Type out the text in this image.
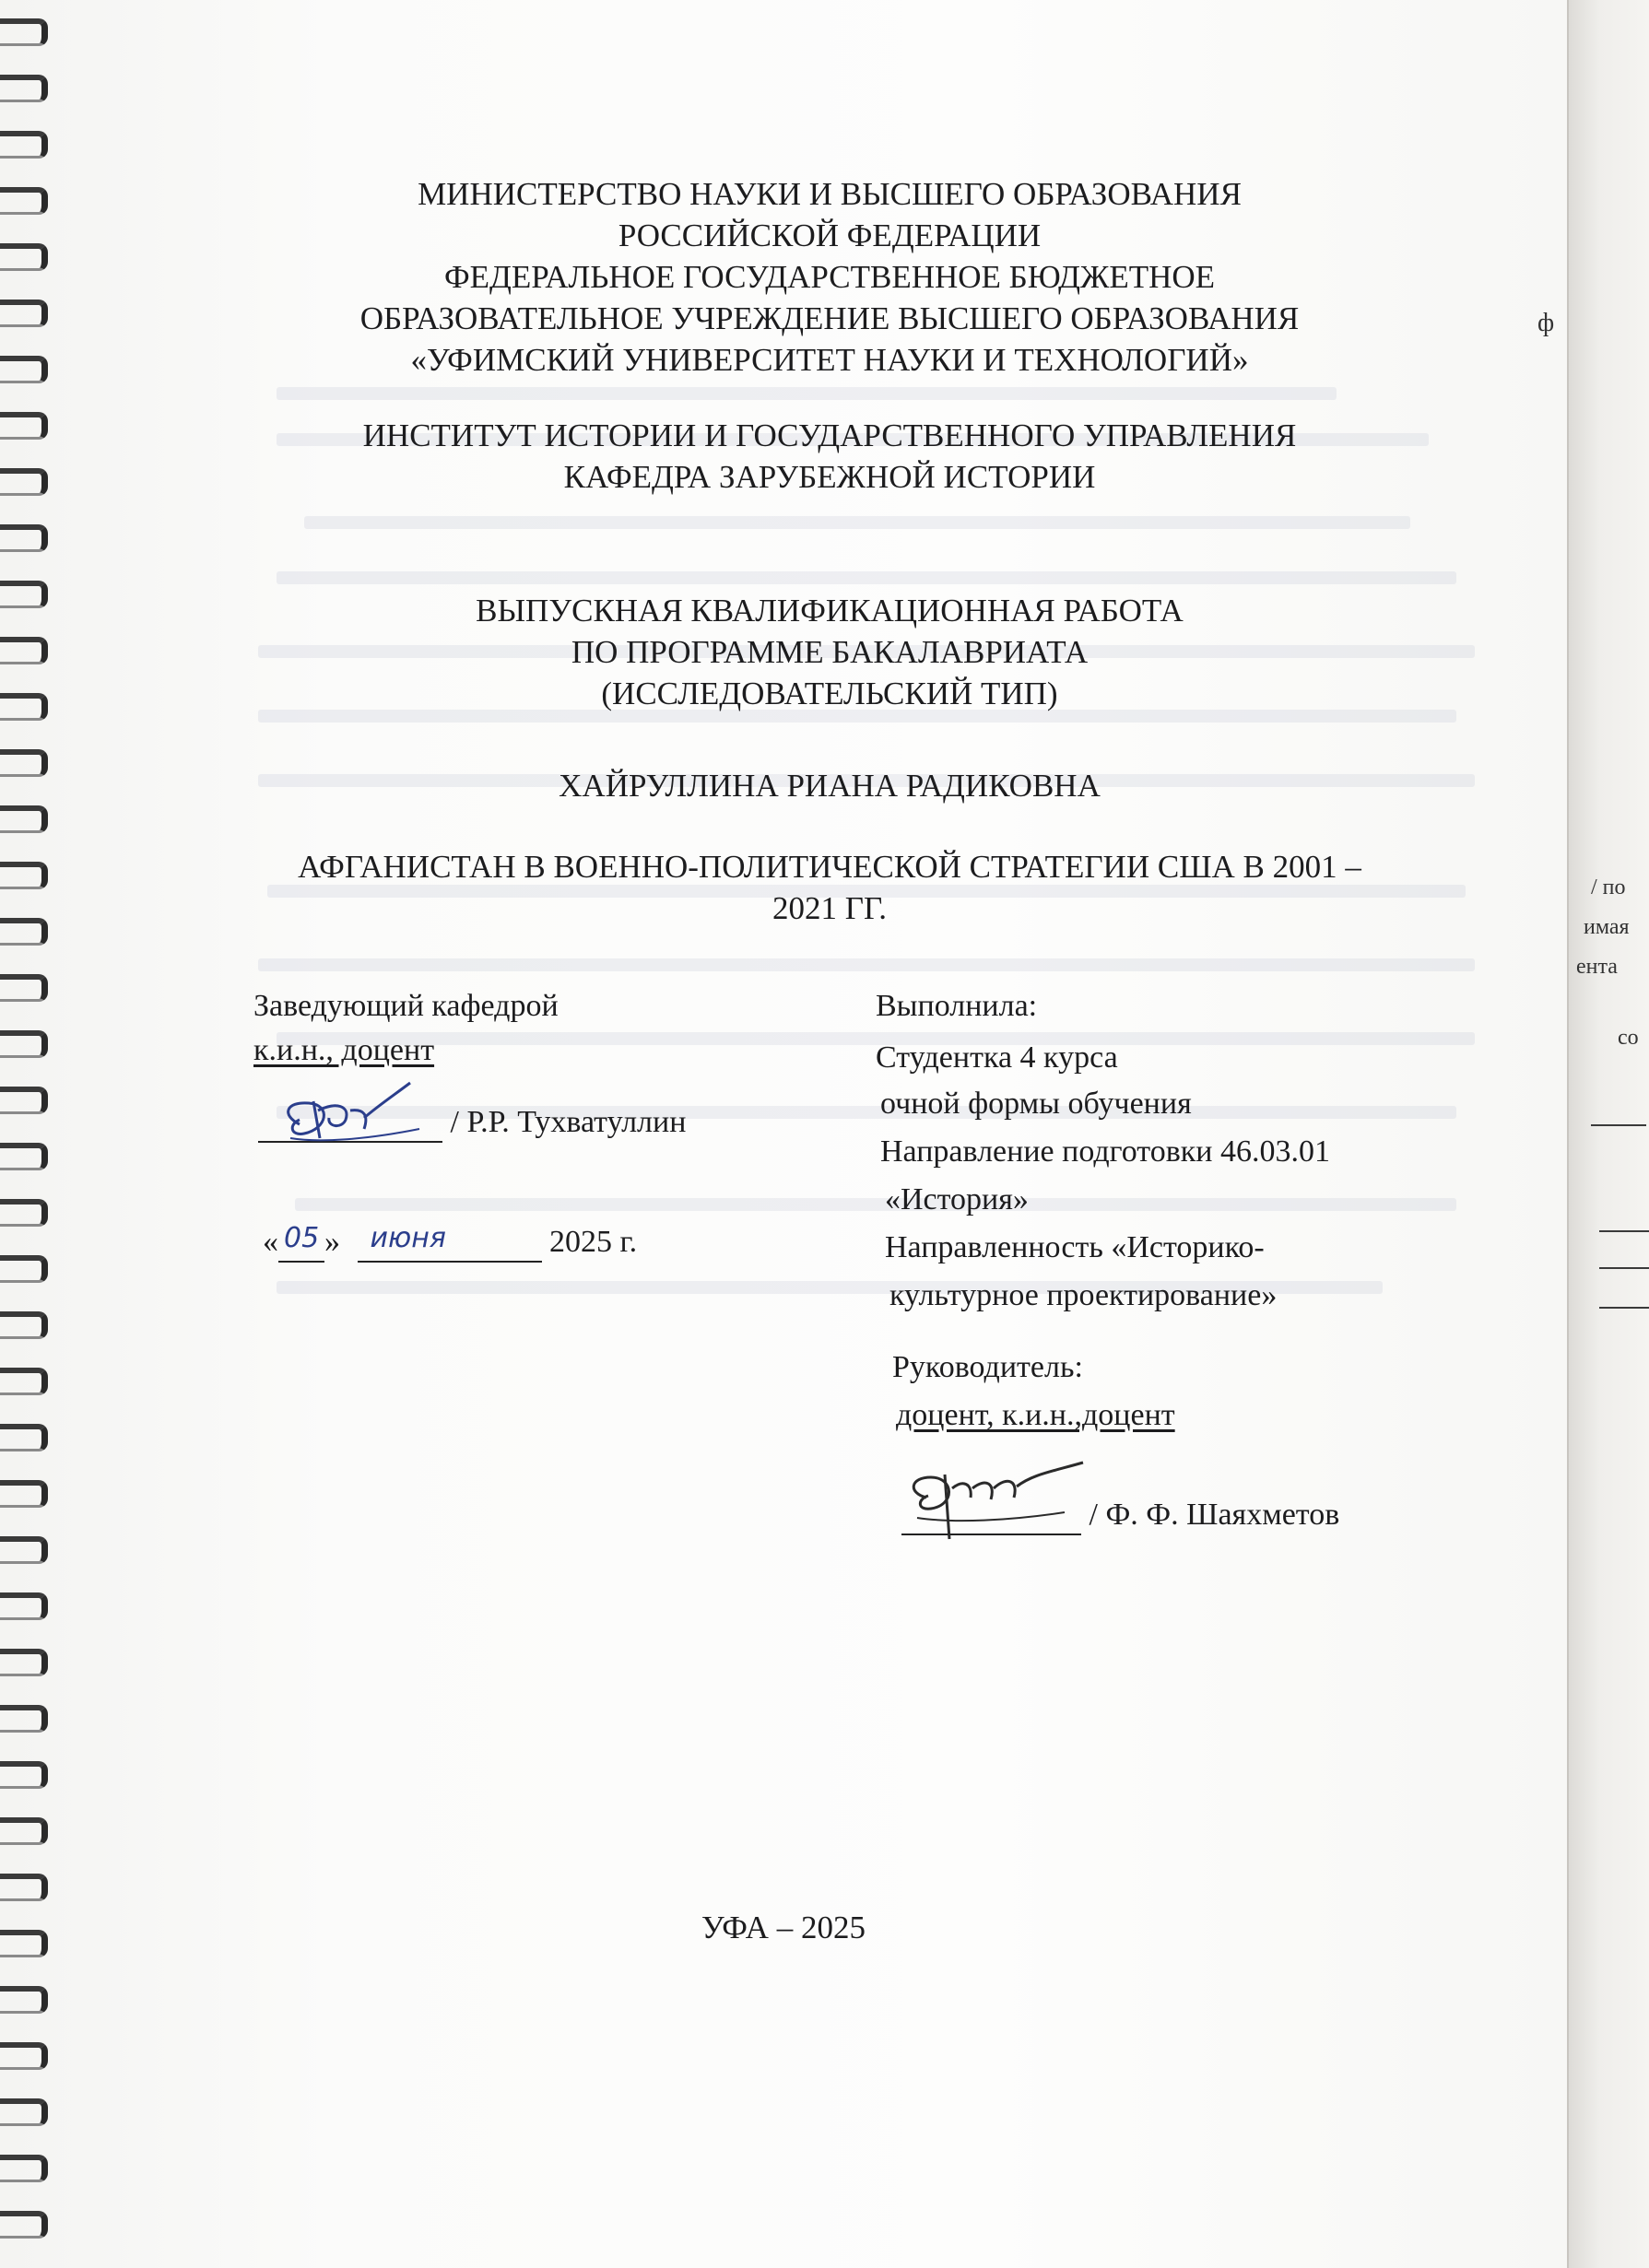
ф
/ по
имая
ента
со
МИНИСТЕРСТВО НАУКИ И ВЫСШЕГО ОБРАЗОВАНИЯ
РОССИЙСКОЙ ФЕДЕРАЦИИ
ФЕДЕРАЛЬНОЕ ГОСУДАРСТВЕННОЕ БЮДЖЕТНОЕ
ОБРАЗОВАТЕЛЬНОЕ УЧРЕЖДЕНИЕ ВЫСШЕГО ОБРАЗОВАНИЯ
«УФИМСКИЙ УНИВЕРСИТЕТ НАУКИ И ТЕХНОЛОГИЙ»
ИНСТИТУТ ИСТОРИИ И ГОСУДАРСТВЕННОГО УПРАВЛЕНИЯ
КАФЕДРА ЗАРУБЕЖНОЙ ИСТОРИИ
ВЫПУСКНАЯ КВАЛИФИКАЦИОННАЯ РАБОТА
ПО ПРОГРАММЕ БАКАЛАВРИАТА
(ИССЛЕДОВАТЕЛЬСКИЙ ТИП)
ХАЙРУЛЛИНА РИАНА РАДИКОВНА
АФГАНИСТАН В ВОЕННО-ПОЛИТИЧЕСКОЙ СТРАТЕГИИ США В 2001 –
2021 ГГ.
Заведующий кафедрой
к.и.н., доцент
/ Р.Р. Тухватуллин
« 05 » июня	2025 г.
Выполнила:
Студентка 4 курса
очной формы обучения
Направление подготовки 46.03.01
«История»
Направленность «Историко-
культурное проектирование»
Руководитель:
доцент, к.и.н.,доцент
/ Ф. Ф. Шаяхметов
УФА – 2025
